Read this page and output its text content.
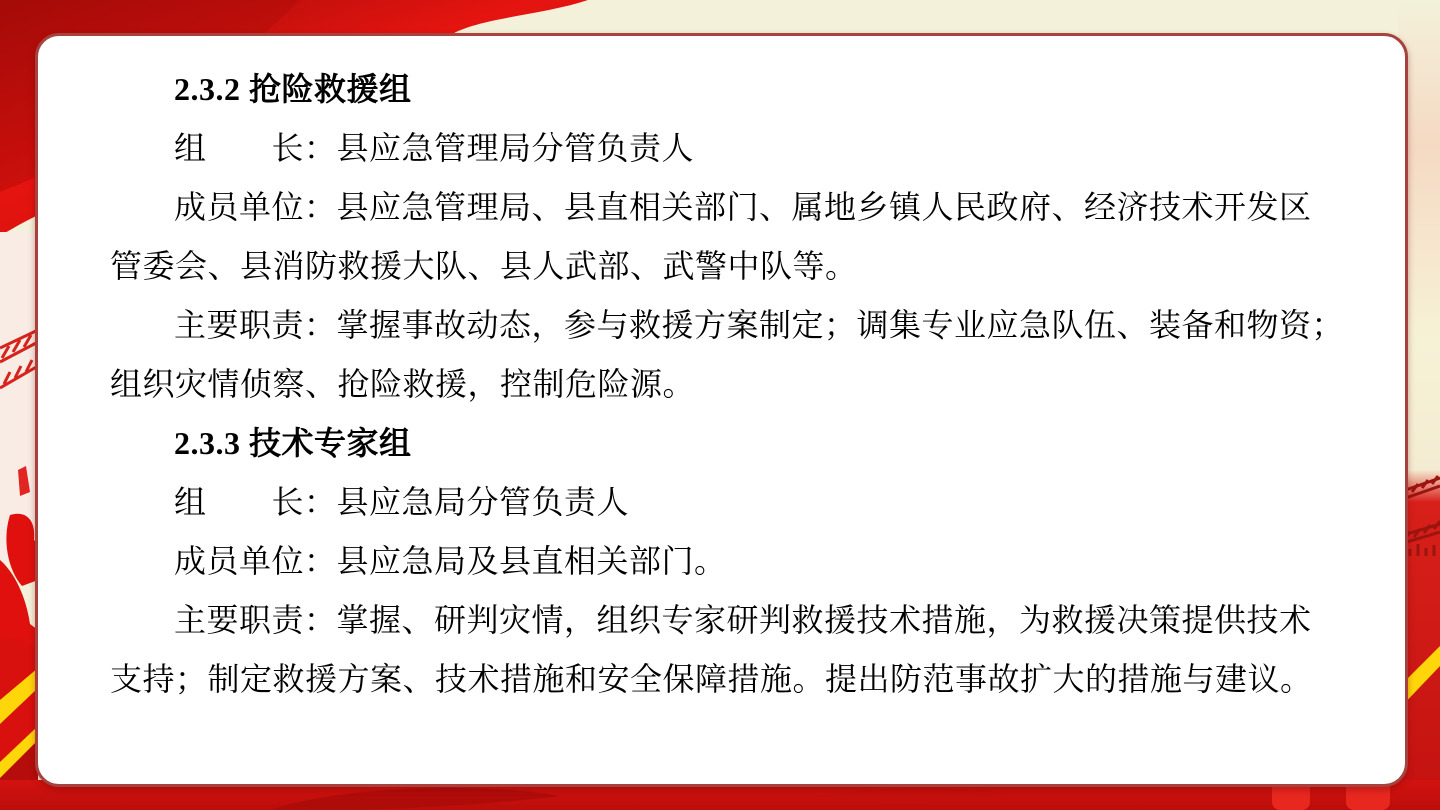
2.3.2 抢险救援组
组　　长：县应急管理局分管负责人
成员单位：县应急管理局、县直相关部门、属地乡镇人民政府、经济技术开发区
管委会、县消防救援大队、县人武部、武警中队等。
主要职责：掌握事故动态，参与救援方案制定；调集专业应急队伍、装备和物资；
组织灾情侦察、抢险救援，控制危险源。
2.3.3 技术专家组
组　　长：县应急局分管负责人
成员单位：县应急局及县直相关部门。
主要职责：掌握、研判灾情，组织专家研判救援技术措施，为救援决策提供技术
支持；制定救援方案、技术措施和安全保障措施。提出防范事故扩大的措施与建议。
